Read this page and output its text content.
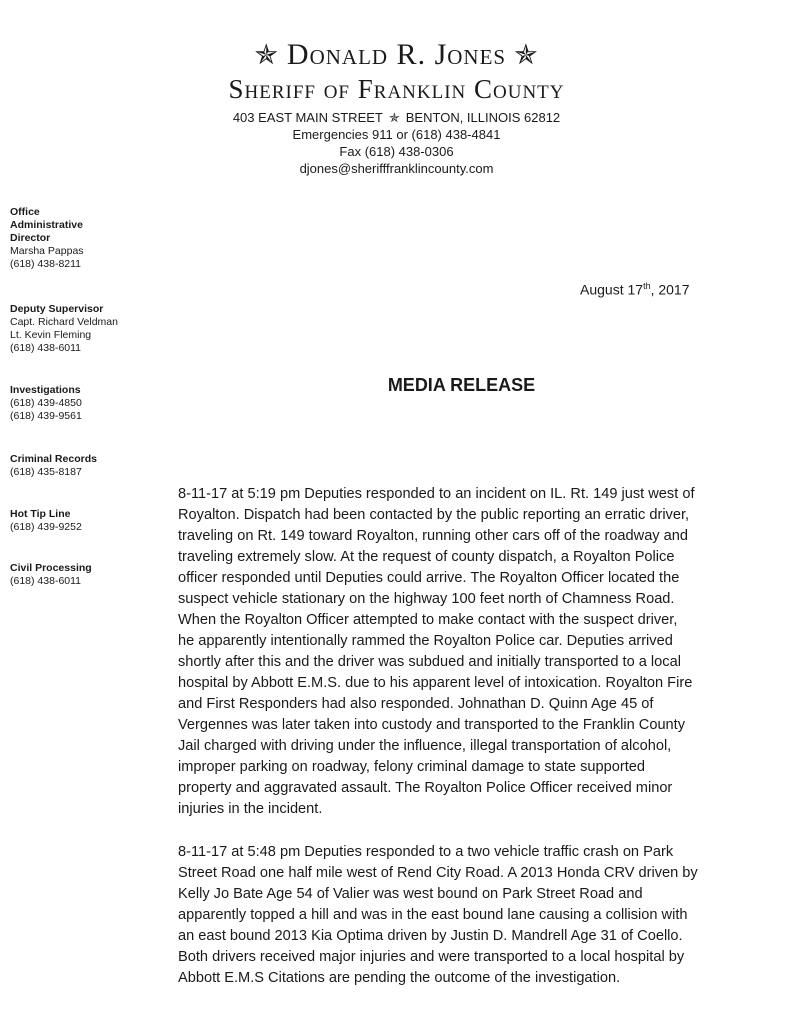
✯ Donald R. Jones ✯
Sheriff of Franklin County
403 EAST MAIN STREET ✯ BENTON, ILLINOIS 62812
Emergencies 911 or (618) 438-4841
Fax (618) 438-0306
djones@sherifffranklincounty.com
Office
Administrative
Director
Marsha Pappas
(618) 438-8211
Deputy Supervisor
Capt. Richard Veldman
Lt. Kevin Fleming
(618) 438-6011
Investigations
(618) 439-4850
(618) 439-9561
Criminal Records
(618) 435-8187
Hot Tip Line
(618) 439-9252
Civil Processing
(618) 438-6011
August 17th, 2017
MEDIA RELEASE
8-11-17 at 5:19 pm Deputies responded to an incident on IL. Rt. 149 just west of
Royalton. Dispatch had been contacted by the public reporting an erratic driver,
traveling on Rt. 149 toward Royalton, running other cars off of the roadway and
traveling extremely slow. At the request of county dispatch, a Royalton Police
officer responded until Deputies could arrive. The Royalton Officer located the
suspect vehicle stationary on the highway 100 feet north of Chamness Road.
When the Royalton Officer attempted to make contact with the suspect driver,
he apparently intentionally rammed the Royalton Police car. Deputies arrived
shortly after this and the driver was subdued and initially transported to a local
hospital by Abbott E.M.S. due to his apparent level of intoxication. Royalton Fire
and First Responders had also responded. Johnathan D. Quinn Age 45 of
Vergennes was later taken into custody and transported to the Franklin County
Jail charged with driving under the influence, illegal transportation of alcohol,
improper parking on roadway, felony criminal damage to state supported
property and aggravated assault. The Royalton Police Officer received minor
injuries in the incident.
8-11-17 at 5:48 pm Deputies responded to a two vehicle traffic crash on Park
Street Road one half mile west of Rend City Road. A 2013 Honda CRV driven by
Kelly Jo Bate Age 54 of Valier was west bound on Park Street Road and
apparently topped a hill and was in the east bound lane causing a collision with
an east bound 2013 Kia Optima driven by Justin D. Mandrell Age 31 of Coello.
Both drivers received major injuries and were transported to a local hospital by
Abbott E.M.S Citations are pending the outcome of the investigation.
